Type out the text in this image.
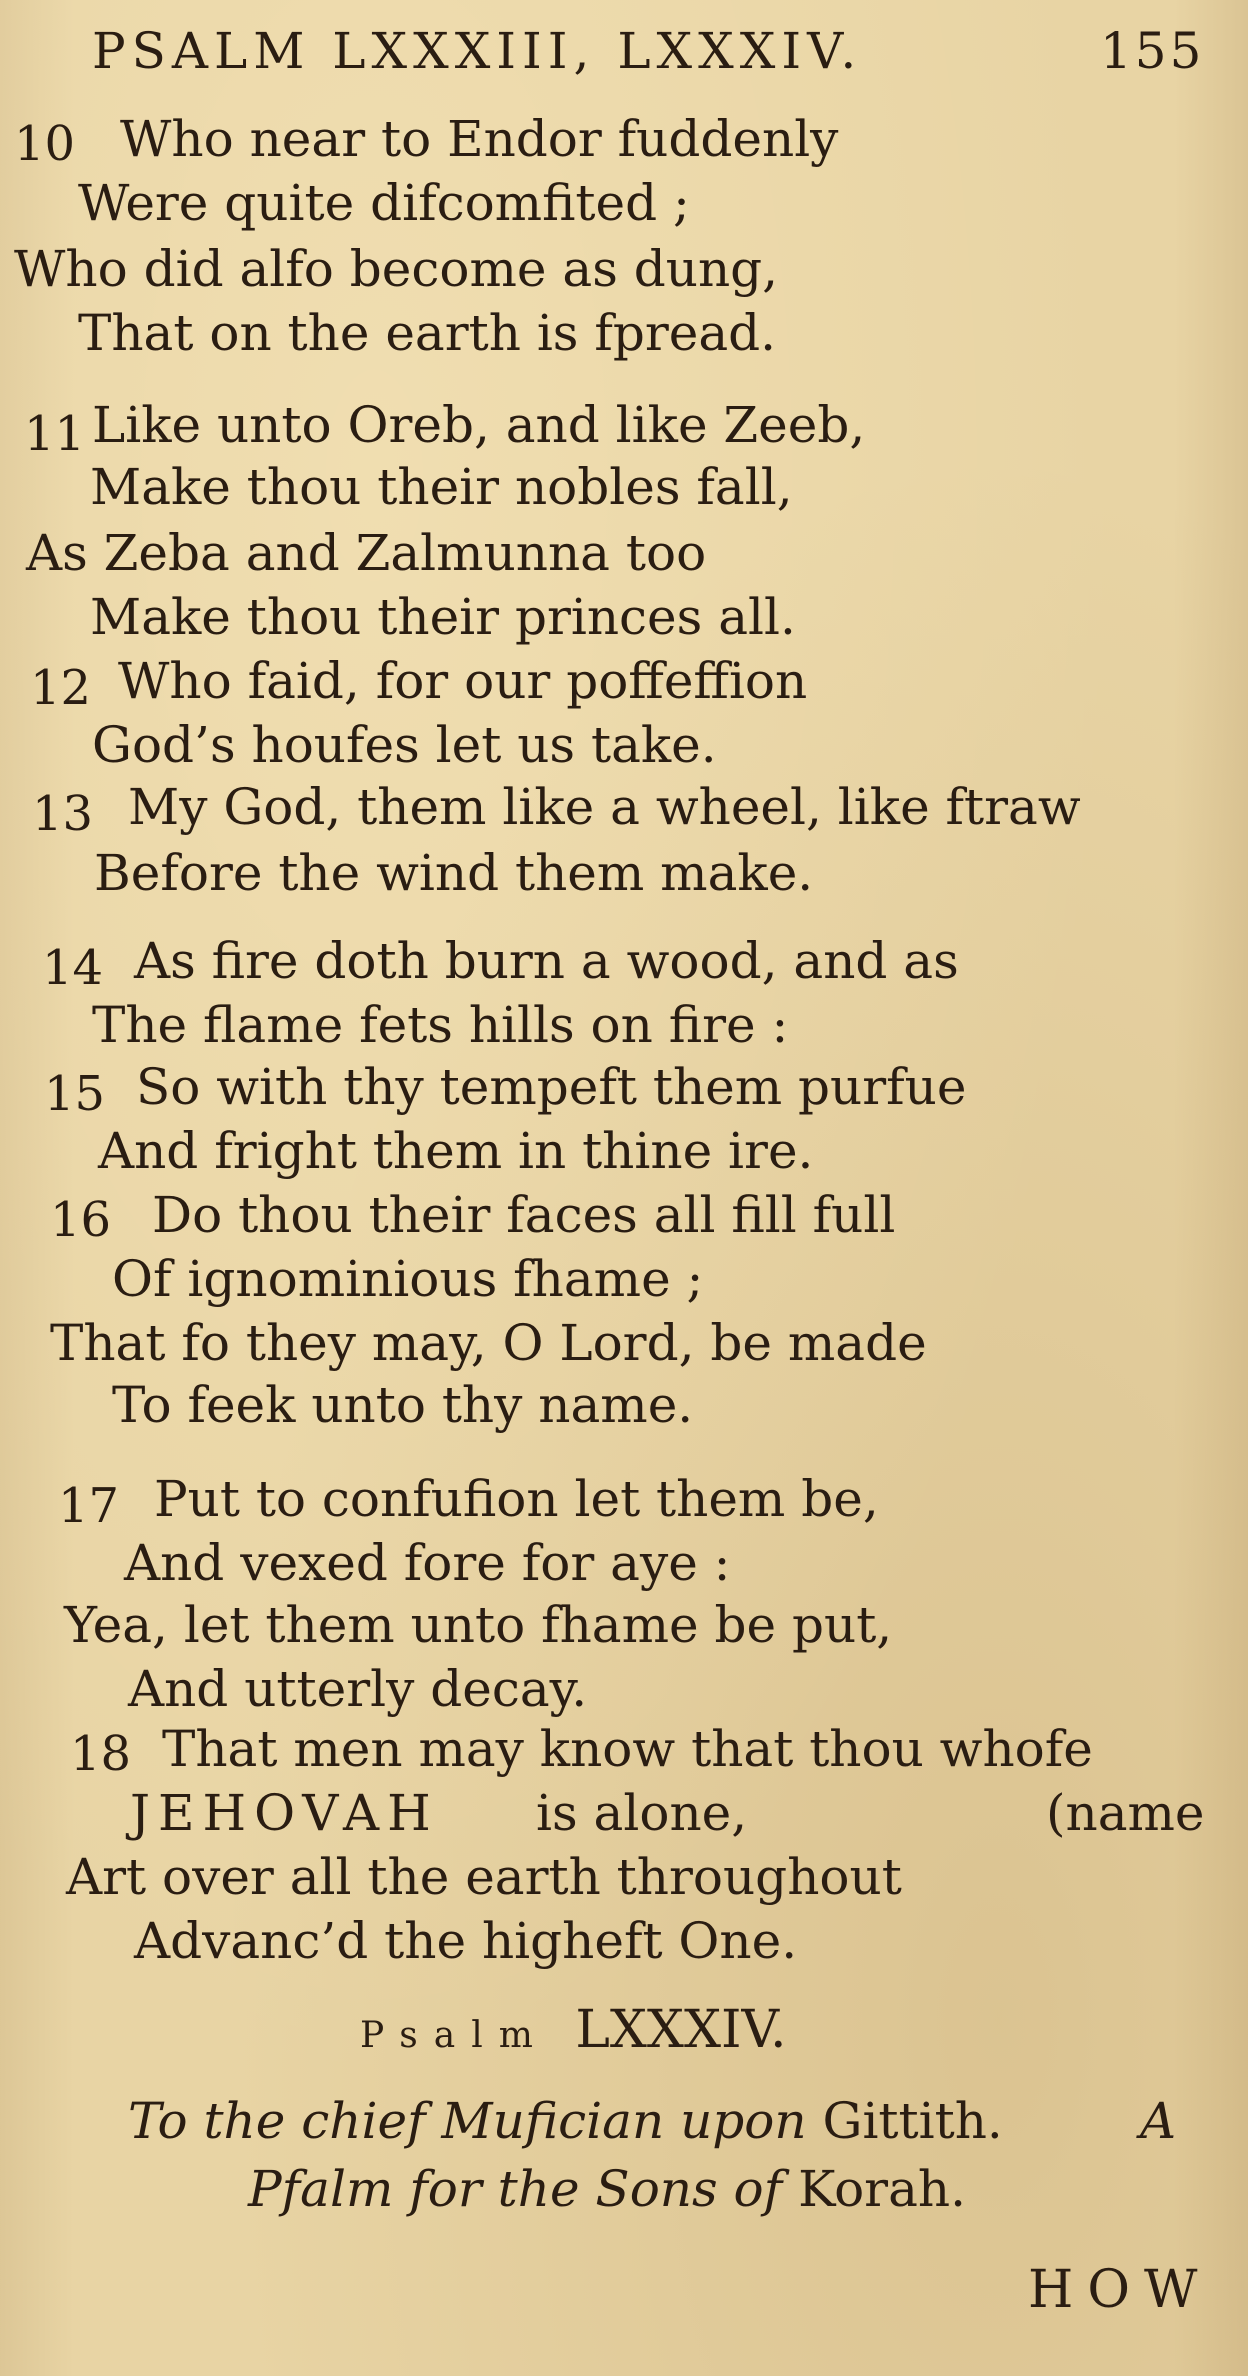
PSALM LXXXIII, LXXXIV.	155
10 Who near to Endor fuddenly
Were quite difcomfited ;
Who did alfo become as dung,
That on the earth is fpread.
11 Like unto Oreb, and like Zeeb,
Make thou their nobles fall,
As Zeba and Zalmunna too
Make thou their princes all.
12 Who faid, for our poffeffion
God’s houfes let us take.
13 My God, them like a wheel, like ftraw
Before the wind them make.
14 As fire doth burn a wood, and as
The flame fets hills on fire :
15 So with thy tempeft them purfue
And fright them in thine ire.
16 Do thou their faces all fill full
Of ignominious fhame ;
That fo they may, O Lord, be made
To feek unto thy name.
17 Put to confufion let them be,
And vexed fore for aye :
Yea, let them unto fhame be put,
And utterly decay.
18 That men may know that thou whofe
JEHOVAH is alone,	(name
Art over all the earth throughout
Advanc’d the higheft One.
Psalm LXXXIV.
To the chief Mufician upon Gittith.	A
Pfalm for the Sons of Korah.
HOW
